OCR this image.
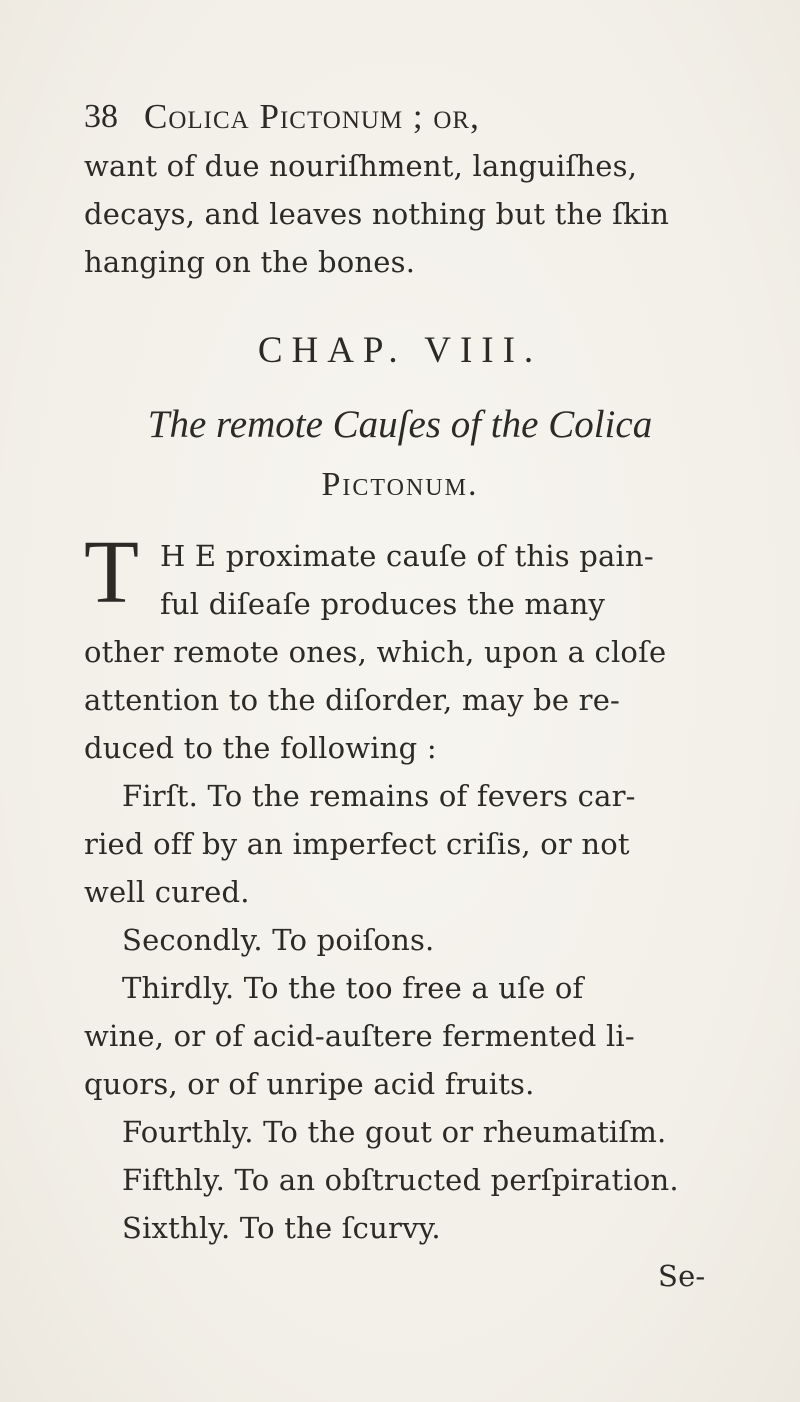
38 Colica Pictonum ; or,
want of due nouriſhment, languiſhes,
decays, and leaves nothing but the ſkin
hanging on the bones.
CHAP. VIII.
The remote Cauſes of the Colica
Pictonum.
T H E proximate cauſe of this pain-
ful diſeaſe produces the many
other remote ones, which, upon a cloſe
attention to the diſorder, may be re-
duced to the following :
Firſt. To the remains of fevers car-
ried off by an imperfect criſis, or not
well cured.
Secondly. To poiſons.
Thirdly. To the too free a uſe of
wine, or of acid-auſtere fermented li-
quors, or of unripe acid fruits.
Fourthly. To the gout or rheumatiſm.
Fifthly. To an obſtructed perſpiration.
Sixthly. To the ſcurvy.
Se-
